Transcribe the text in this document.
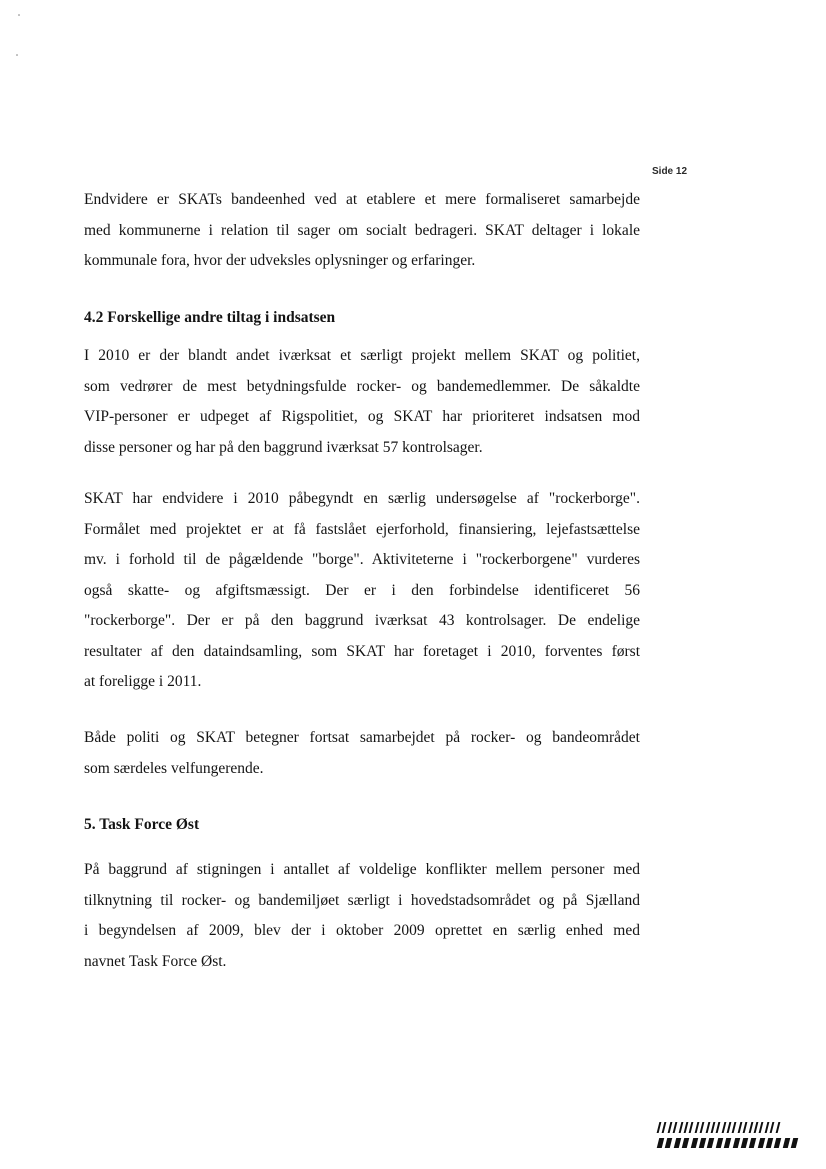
Side 12
Endvidere er SKATs bandeenhed ved at etablere et mere formaliseret samarbejde
med kommunerne i relation til sager om socialt bedrageri. SKAT deltager i lokale
kommunale fora, hvor der udveksles oplysninger og erfaringer.
4.2 Forskellige andre tiltag i indsatsen
I 2010 er der blandt andet iværksat et særligt projekt mellem SKAT og politiet,
som vedrører de mest betydningsfulde rocker- og bandemedlemmer. De såkaldte
VIP-personer er udpeget af Rigspolitiet, og SKAT har prioriteret indsatsen mod
disse personer og har på den baggrund iværksat 57 kontrolsager.
SKAT har endvidere i 2010 påbegyndt en særlig undersøgelse af "rockerborge".
Formålet med projektet er at få fastslået ejerforhold, finansiering, lejefastsættelse
mv. i forhold til de pågældende "borge". Aktiviteterne i "rockerborgene" vurderes
også skatte- og afgiftsmæssigt. Der er i den forbindelse identificeret 56
"rockerborge". Der er på den baggrund iværksat 43 kontrolsager. De endelige
resultater af den dataindsamling, som SKAT har foretaget i 2010, forventes først
at foreligge i 2011.
Både politi og SKAT betegner fortsat samarbejdet på rocker- og bandeområdet
som særdeles velfungerende.
5. Task Force Øst
På baggrund af stigningen i antallet af voldelige konflikter mellem personer med
tilknytning til rocker- og bandemiljøet særligt i hovedstadsområdet og på Sjælland
i begyndelsen af 2009, blev der i oktober 2009 oprettet en særlig enhed med
navnet Task Force Øst.
